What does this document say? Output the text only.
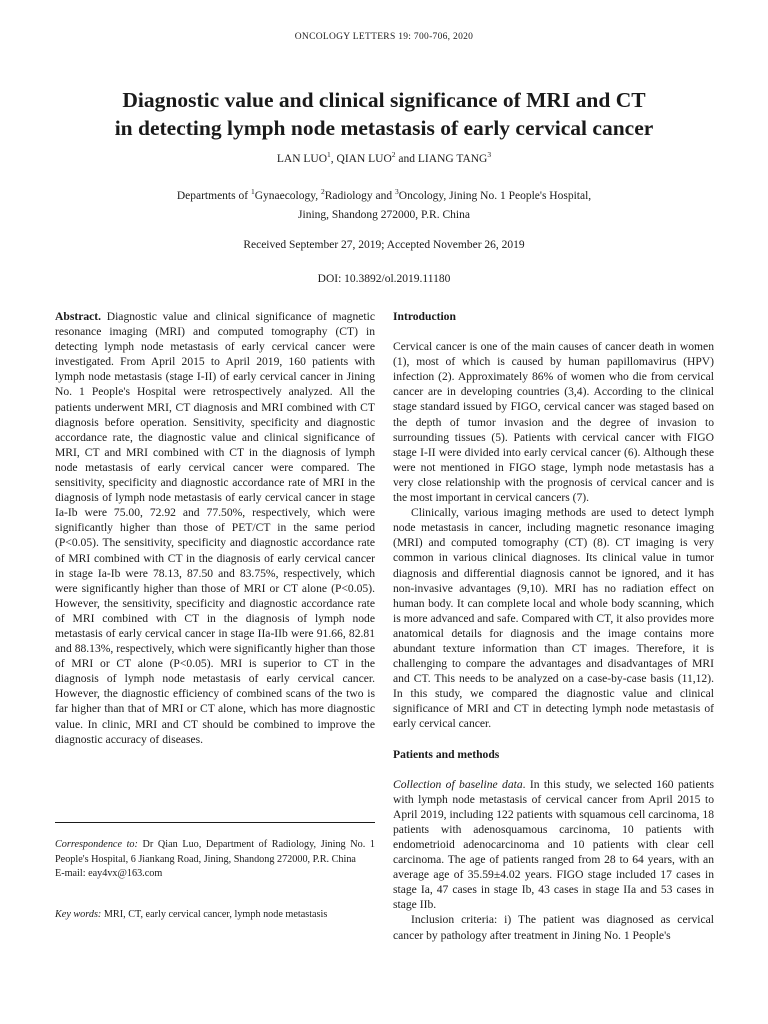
ONCOLOGY LETTERS 19: 700-706, 2020
Diagnostic value and clinical significance of MRI and CT
in detecting lymph node metastasis of early cervical cancer
LAN LUO$^1$, QIAN LUO$^2$ and LIANG TANG$^3$
Departments of $^1$Gynaecology, $^2$Radiology and $^3$Oncology, Jining No. 1 People's Hospital,
Jining, Shandong 272000, P.R. China
Received September 27, 2019; Accepted November 26, 2019
DOI: 10.3892/ol.2019.11180

Abstract. Diagnostic value and clinical significance of magnetic resonance imaging (MRI) and computed tomography (CT) in detecting lymph node metastasis of early cervical cancer were investigated. From April 2015 to April 2019, 160 patients with lymph node metastasis (stage I-II) of early cervical cancer in Jining No. 1 People's Hospital were retrospectively analyzed. All the patients underwent MRI, CT diagnosis and MRI combined with CT diagnosis before operation. Sensitivity, specificity and diagnostic accordance rate, the diagnostic value and clinical significance of MRI, CT and MRI combined with CT in the diagnosis of lymph node metastasis of early cervical cancer were compared. The sensitivity, specificity and diagnostic accordance rate of MRI in the diagnosis of lymph node metastasis of early cervical cancer in stage Ia-Ib were 75.00, 72.92 and 77.50%, respectively, which were significantly higher than those of PET/CT in the same period (P<0.05). The sensitivity, specificity and diagnostic accordance rate of MRI combined with CT in the diagnosis of early cervical cancer in stage Ia-Ib were 78.13, 87.50 and 83.75%, respectively, which were significantly higher than those of MRI or CT alone (P<0.05). However, the sensitivity, specificity and diagnostic accordance rate of MRI combined with CT in the diagnosis of lymph node metastasis of early cervical cancer in stage IIa-IIb were 91.66, 82.81 and 88.13%, respectively, which were significantly higher than those of MRI or CT alone (P<0.05). MRI is superior to CT in the diagnosis of lymph node metastasis of early cervical cancer. However, the diagnostic efficiency of combined scans of the two is far higher than that of MRI or CT alone, which has more diagnostic value. In clinic, MRI and CT should be combined to improve the diagnostic accuracy of diseases.

Correspondence to: Dr Qian Luo, Department of Radiology, Jining No. 1 People's Hospital, 6 Jiankang Road, Jining, Shandong 272000, P.R. China
E-mail: eay4vx@163.com
Key words: MRI, CT, early cervical cancer, lymph node metastasis

Introduction

Cervical cancer is one of the main causes of cancer death in women (1), most of which is caused by human papillomavirus (HPV) infection (2). Approximately 86% of women who die from cervical cancer are in developing countries (3,4). According to the clinical stage standard issued by FIGO, cervical cancer was staged based on the depth of tumor invasion and the degree of invasion to surrounding tissues (5). Patients with cervical cancer with FIGO stage I-II were divided into early cervical cancer (6). Although these were not mentioned in FIGO stage, lymph node metastasis has a very close relationship with the prognosis of cervical cancer and is the most important in cervical cancers (7).

Clinically, various imaging methods are used to detect lymph node metastasis in cancer, including magnetic resonance imaging (MRI) and computed tomography (CT) (8). CT imaging is very common in various clinical diagnoses. Its clinical value in tumor diagnosis and differential diagnosis cannot be ignored, and it has non-invasive advantages (9,10). MRI has no radiation effect on human body. It can complete local and whole body scanning, which is more advanced and safe. Compared with CT, it also provides more anatomical details for diagnosis and the image contains more abundant texture information than CT images. Therefore, it is challenging to compare the advantages and disadvantages of MRI and CT. This needs to be analyzed on a case-by-case basis (11,12). In this study, we compared the diagnostic value and clinical significance of MRI and CT in detecting lymph node metastasis of early cervical cancer.

Patients and methods

Collection of baseline data. In this study, we selected 160 patients with lymph node metastasis of cervical cancer from April 2015 to April 2019, including 122 patients with squamous cell carcinoma, 18 patients with adenosquamous carcinoma, 10 patients with endometrioid adenocarcinoma and 10 patients with clear cell carcinoma. The age of patients ranged from 28 to 64 years, with an average age of 35.59±4.02 years. FIGO stage included 17 cases in stage Ia, 47 cases in stage Ib, 43 cases in stage IIa and 53 cases in stage IIb.

Inclusion criteria: i) The patient was diagnosed as cervical cancer by pathology after treatment in Jining No. 1 People's
